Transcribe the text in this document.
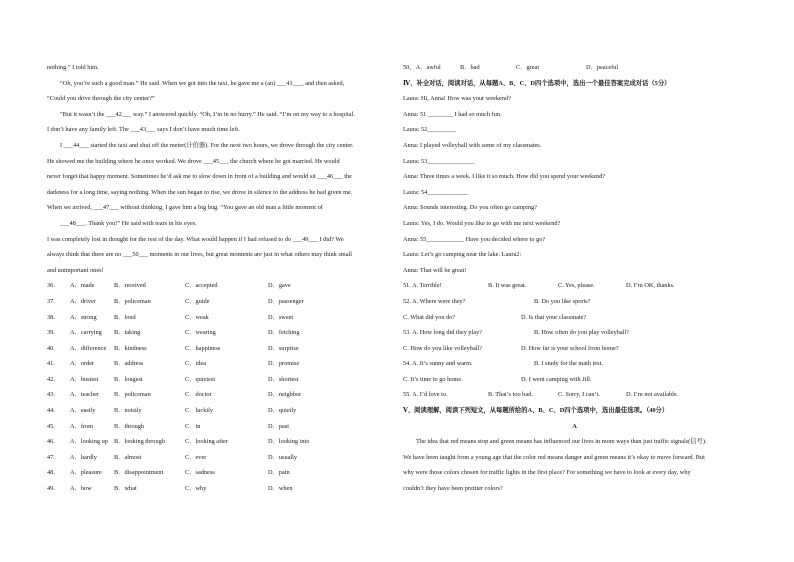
nothing.” I told him.

“Oh, you’re such a good man.” He said. When we got into the taxi, he gave me a (an) ___41___, and then asked,

“Could you drive through the city center?”

“But it wasn’t the ___42___ way.” I answered quickly. “Oh, I’m in no hurry.” He said. “I’m on my way to a hospital.

I don’t have any family left. The ___43___ says I don’t have much time left.

I ___44___ started the taxi and shut off the meter(计价器). For the next two hours, we drove through the city center.

He showed me the building where he once worked. We drove ___45___ the church where he got married. He would

never forget that happy moment. Sometimes he’d ask me to slow down in front of a building and would sit ___46___ the

darkness for a long time, saying nothing. When the sun began to rise, we drove in silence to the address he had given me.

When we arrived, ___47___ without thinking, I gave him a big hug. “You gave an old man a little moment of

___48___. Thank you!” He said with tears in his eyes.

I was completely lost in thought for the rest of the day. What would happen if I had refused to do ___49___ I did? We

always think that there are no ___50___ moments in our lives, but great moments are just in what others may think small

and unimportant ones!

36.	A．made	B．received	C．accepted	D．gave
37.	A．driver	B．policeman	C．guide	D．passenger
38.	A．strong	B．loud	C．weak	D．sweet
39.	A．carrying	B．taking	C．wearing	D．fetching
40.	A．difference	B．kindness	C．happiness	D．surprise
41.	A．order	B．address	C．idea	D．promise
42.	A．busiest	B．longest	C．quietest	D．shortest
43.	A．teacher	B．policeman	C．doctor	D．neighbor
44.	A．easily	B．noisily	C．luckily	D．quietly
45.	A．from	B．through	C．in	D．past
46.	A．looking up B．looking through	C．looking after	D．looking into
47.	A．hardly	B．almost	C．ever	D．usually
48.	A．pleasure	B．disappointment	C．sadness	D．pain
49.	A．how	B．what	C．why	D．when
50、A．awful	B．bad	C．great	D．peaceful

Ⅳ、补全对话，阅读对话，从每题A、B、C、D四个选项中，选出一个最佳答案完成对话（5分）

Laura: Hi, Anna! How was your weekend?

Anna: 51 ________ I had so much fun.

Laura: 52_________

Anna: I played volleyball with some of my classmates.

Laura: 53_______________

Anna: Three times a week. I like it so much. How did you spend your weekend?

Laura: 54_____________

Anna: Sounds interesting. Do you often go camping?

Laura: Yes, I do. Would you like to go with me next weekend?

Anna: 55____________ Have you decided where to go?

Laura: Let’s go camping near the lake. Laura2:

Anna: That will be great!

51. A. Terrible!	B. It was great.	C. Yes, please.	D. I’m OK, thanks.
52. A. Where were they?	B. Do you like sports?
C. What did you do?	D. Is that your classmate?
53. A. How long did they play?	B. How often do you play volleyball?
C. How do you like volleyball?	D. How far is your school from home?
54. A. It’s sunny and warm.	B. I study for the math test.
C. It’s time to go home.	D. I went camping with Jill.
55. A. I’d love to.	B. That’s too bad.	C. Sorry, I can’t.	D. I’m not available.

Ⅴ、阅读理解，阅读下列短文，从每题所给的A、B、C、D四个选项中，选出最佳选项。（40分）

A

The idea that red means stop and green means has influenced our lives in more ways than just traffic signals(信号).

We have been taught from a young age that the color red means danger and green means it’s okay to move forward. But

why were those colors chosen for traffic lights in the first place? For something we have to look at every day, why

couldn’t they have been prettier colors?
